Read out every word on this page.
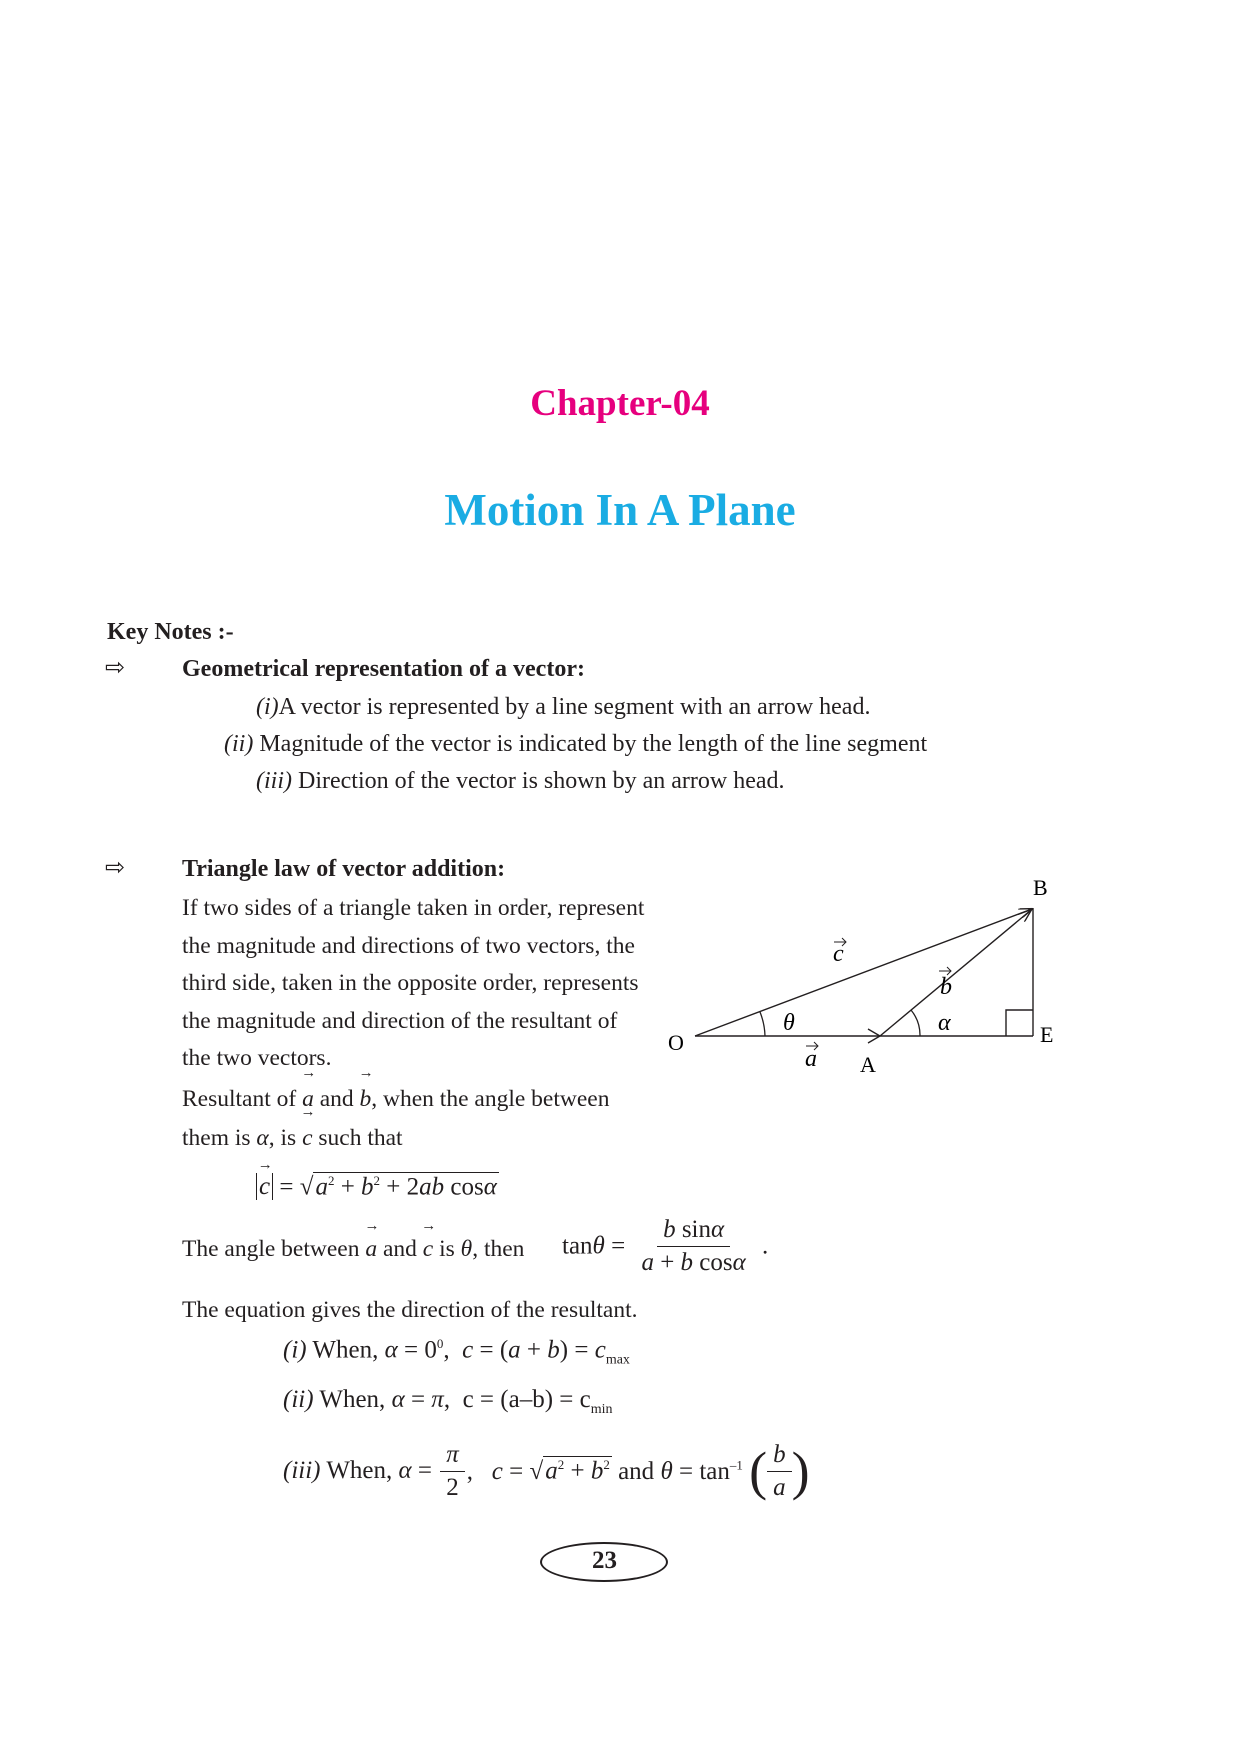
Chapter-04
Motion In A Plane
Key Notes :-
⇨ Geometrical representation of a vector:
(i)A vector is represented by a line segment with an arrow head.
(ii) Magnitude of the vector is indicated by the length of the line segment
(iii) Direction of the vector is shown by an arrow head.
⇨ Triangle law of vector addition:
If two sides of a triangle taken in order, represent
the magnitude and directions of two vectors, the
third side, taken in the opposite order, represents
the magnitude and direction of the resultant of
the two vectors.
Resultant of → a and → b, when the angle between
them is α, is → c such that
→ $c = √a^2 + b^2 + 2ab$ cosα
The angle between → a and → c is θ, then $\tan\theta = \frac{\text{b sinα}}{\text{a + b cosα}}$ .
The equation gives the direction of the resultant.
(i) When, $\alpha = 0^0$,  $c = (a + b) = c_{max}$
(ii) When, α = π,  $c = (a-b) = c_{min}$
(iii) When, $\alpha = \frac{\pi}{2}$ ,   $c = √a^2 + b^2$ and $\theta = \tan^{-1}$ ( $\frac{b}{a}$ )
O
A
B
E
θ	α
a
c
b
23
